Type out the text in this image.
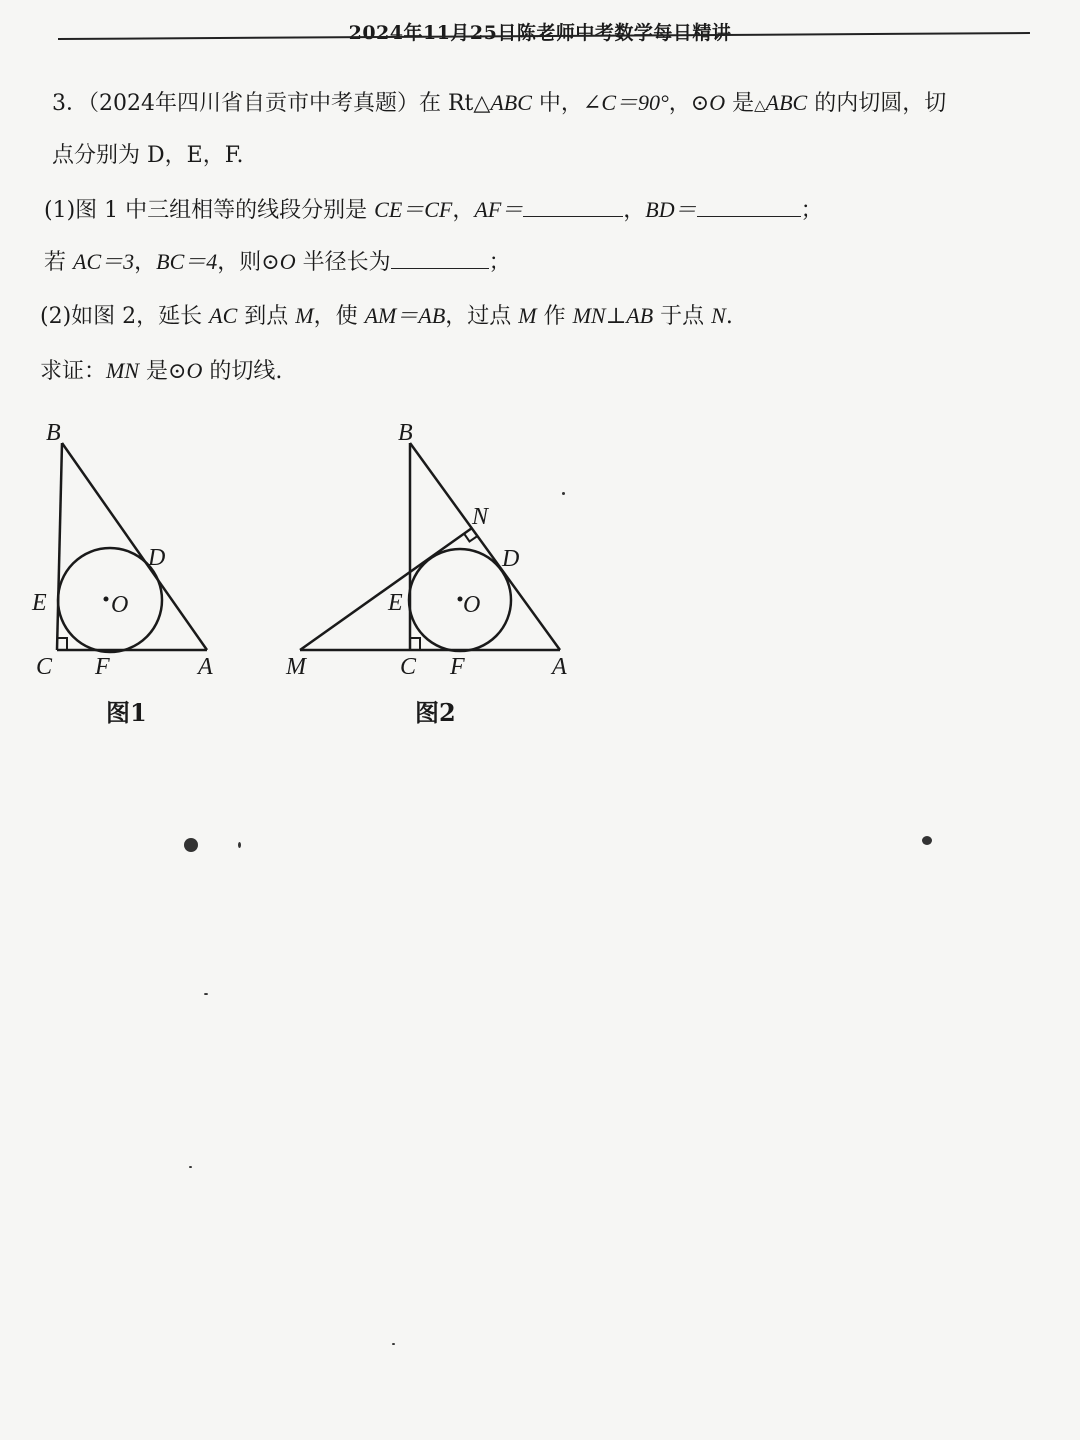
2024年11月25日陈老师中考数学每日精讲
3．（2024年四川省自贡市中考真题）在 Rt△ABC 中，∠C＝90°，⊙O 是△ABC 的内切圆，切
点分别为 D，E，F.
(1)图 1 中三组相等的线段分别是 CE＝CF，AF＝	，BD＝	；
若 AC＝3，BC＝4，则⊙O 半径长为	；
(2)如图 2，延长 AC 到点 M，使 AM＝AB，过点 M 作 MN⊥AB 于点 N.
求证：MN 是⊙O 的切线.
B
D
E	O
C F	A
图1
B
N
D
E	O
M	C F	A
图2
